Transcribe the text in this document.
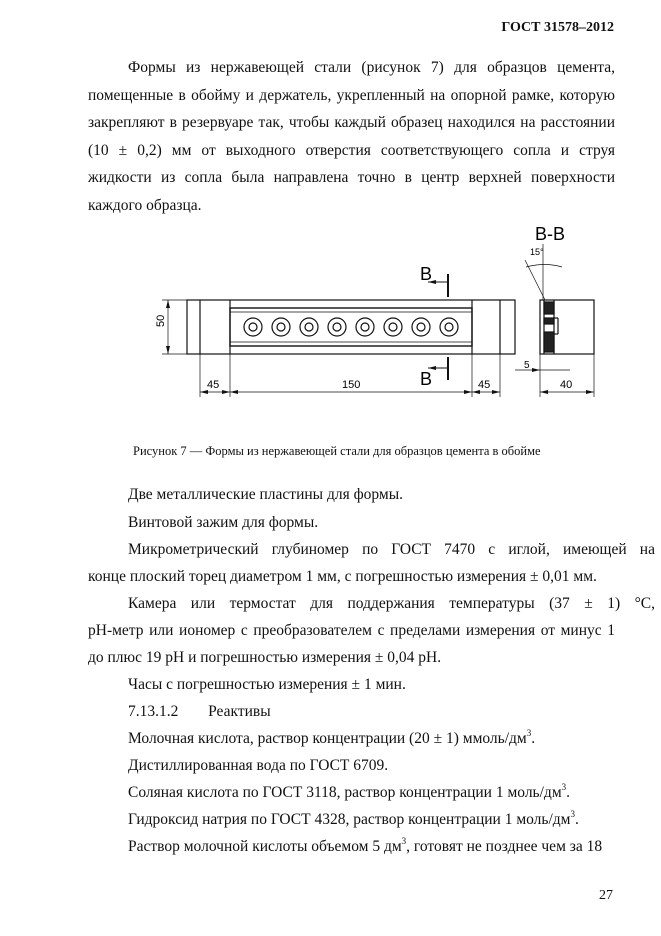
ГОСТ 31578–2012
Формы из нержавеющей стали (рисунок 7) для образцов цемента,
помещенные в обойму и держатель, укрепленный на опорной рамке, которую
закрепляют в резервуаре так, чтобы каждый образец находился на расстоянии
(10 ± 0,2) мм от выходного отверстия соответствующего сопла и струя
жидкости из сопла была направлена точно в центр верхней поверхности
каждого образца.
50
45	150	45
5
40
В
В
В-В
15°
Рисунок 7 — Формы из нержавеющей стали для образцов цемента в обойме
Две металлические пластины для формы.
Винтовой зажим для формы.
Микрометрический глубиномер по ГОСТ 7470 с иглой, имеющей на
конце плоский торец диаметром 1 мм, с погрешностью измерения ± 0,01 мм.
Камера или термостат для поддержания температуры (37 ± 1) °С,
рН-метр или иономер с преобразователем с пределами измерения от минус 1
до плюс 19 рН и погрешностью измерения ± 0,04 рН.
Часы с погрешностью измерения ± 1 мин.
7.13.1.2 Реактивы
Молочная кислота, раствор концентрации (20 ± 1) ммоль/$дм^3$.
Дистиллированная вода по ГОСТ 6709.
Соляная кислота по ГОСТ 3118, раствор концентрации 1 моль/$дм^3$.
Гидроксид натрия по ГОСТ 4328, раствор концентрации 1 моль/$дм^3$.
Раствор молочной кислоты объемом 5 $дм^3$, готовят не позднее чем за 18
27
